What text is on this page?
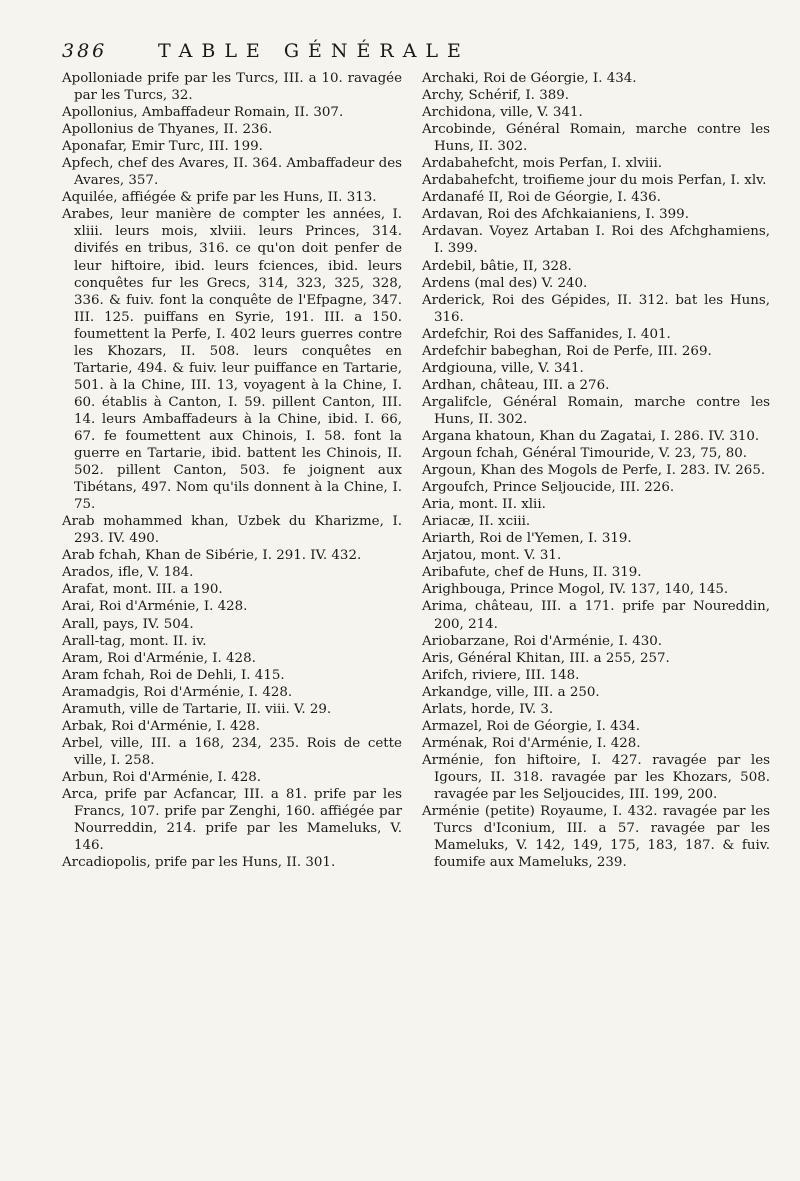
386	TABLE GÉNÉRALE
Apolloniade prife par les Turcs, III. a 10. ravagée par les Turcs, 32.
Apollonius, Ambaffadeur Romain, II. 307.
Apollonius de Thyanes, II. 236.
Aponafar, Emir Turc, III. 199.
Apfech, chef des Avares, II. 364. Ambaffadeur des Avares, 357.
Aquilée, affiégée & prife par les Huns, II. 313.
Arabes, leur manière de compter les années, I. xliii. leurs mois, xlviii. leurs Princes, 314. divifés en tribus, 316. ce qu'on doit penfer de leur hiftoire, ibid. leurs fciences, ibid. leurs conquêtes fur les Grecs, 314, 323, 325, 328, 336. & fuiv. font la conquête de l'Efpagne, 347. III. 125. puiffans en Syrie, 191. III. a 150. foumettent la Perfe, I. 402 leurs guerres contre les Khozars, II. 508. leurs conquêtes en Tartarie, 494. & fuiv. leur puiffance en Tartarie, 501. à la Chine, III. 13, voyagent à la Chine, I. 60. établis à Canton, I. 59. pillent Canton, III. 14. leurs Ambaffadeurs à la Chine, ibid. I. 66, 67. fe foumettent aux Chinois, I. 58. font la guerre en Tartarie, ibid. battent les Chinois, II. 502. pillent Canton, 503. fe joignent aux Tibétans, 497. Nom qu'ils donnent à la Chine, I. 75.
Arab mohammed khan, Uzbek du Kharizme, I. 293. IV. 490.
Arab fchah, Khan de Sibérie, I. 291. IV. 432.
Arados, ifle, V. 184.
Arafat, mont. III. a 190.
Arai, Roi d'Arménie, I. 428.
Arall, pays, IV. 504.
Arall-tag, mont. II. iv.
Aram, Roi d'Arménie, I. 428.
Aram fchah, Roi de Dehli, I. 415.
Aramadgis, Roi d'Arménie, I. 428.
Aramuth, ville de Tartarie, II. viii. V. 29.
Arbak, Roi d'Arménie, I. 428.
Arbel, ville, III. a 168, 234, 235. Rois de cette ville, I. 258.
Arbun, Roi d'Arménie, I. 428.
Arca, prife par Acfancar, III. a 81. prife par les Francs, 107. prife par Zenghi, 160. affiégée par Nourreddin, 214. prife par les Mameluks, V. 146.
Arcadiopolis, prife par les Huns, II. 301.
Archaki, Roi de Géorgie, I. 434.
Archy, Schérif, I. 389.
Archidona, ville, V. 341.
Arcobinde, Général Romain, marche contre les Huns, II. 302.
Ardabahefcht, mois Perfan, I. xlviii.
Ardabahefcht, troifieme jour du mois Perfan, I. xlv.
Ardanafé II, Roi de Géorgie, I. 436.
Ardavan, Roi des Afchkaianiens, I. 399.
Ardavan. Voyez Artaban I. Roi des Afchghamiens, I. 399.
Ardebil, bâtie, II, 328.
Ardens (mal des) V. 240.
Arderick, Roi des Gépides, II. 312. bat les Huns, 316.
Ardefchir, Roi des Saffanides, I. 401.
Ardefchir babeghan, Roi de Perfe, III. 269.
Ardgiouna, ville, V. 341.
Ardhan, château, III. a 276.
Argalifcle, Général Romain, marche contre les Huns, II. 302.
Argana khatoun, Khan du Zagatai, I. 286. IV. 310.
Argoun fchah, Général Timouride, V. 23, 75, 80.
Argoun, Khan des Mogols de Perfe, I. 283. IV. 265.
Argoufch, Prince Seljoucide, III. 226.
Aria, mont. II. xlii.
Ariacæ, II. xciii.
Ariarth, Roi de l'Yemen, I. 319.
Arjatou, mont. V. 31.
Aribafute, chef de Huns, II. 319.
Arighbouga, Prince Mogol, IV. 137, 140, 145.
Arima, château, III. a 171. prife par Noureddin, 200, 214.
Ariobarzane, Roi d'Arménie, I. 430.
Aris, Général Khitan, III. a 255, 257.
Arifch, riviere, III. 148.
Arkandge, ville, III. a 250.
Arlats, horde, IV. 3.
Armazel, Roi de Géorgie, I. 434.
Arménak, Roi d'Arménie, I. 428.
Arménie, fon hiftoire, I. 427. ravagée par les Igours, II. 318. ravagée par les Khozars, 508. ravagée par les Seljoucides, III. 199, 200.
Arménie (petite) Royaume, I. 432. ravagée par les Turcs d'Iconium, III. a 57. ravagée par les Mameluks, V. 142, 149, 175, 183, 187. & fuiv. foumife aux Mameluks, 239.
